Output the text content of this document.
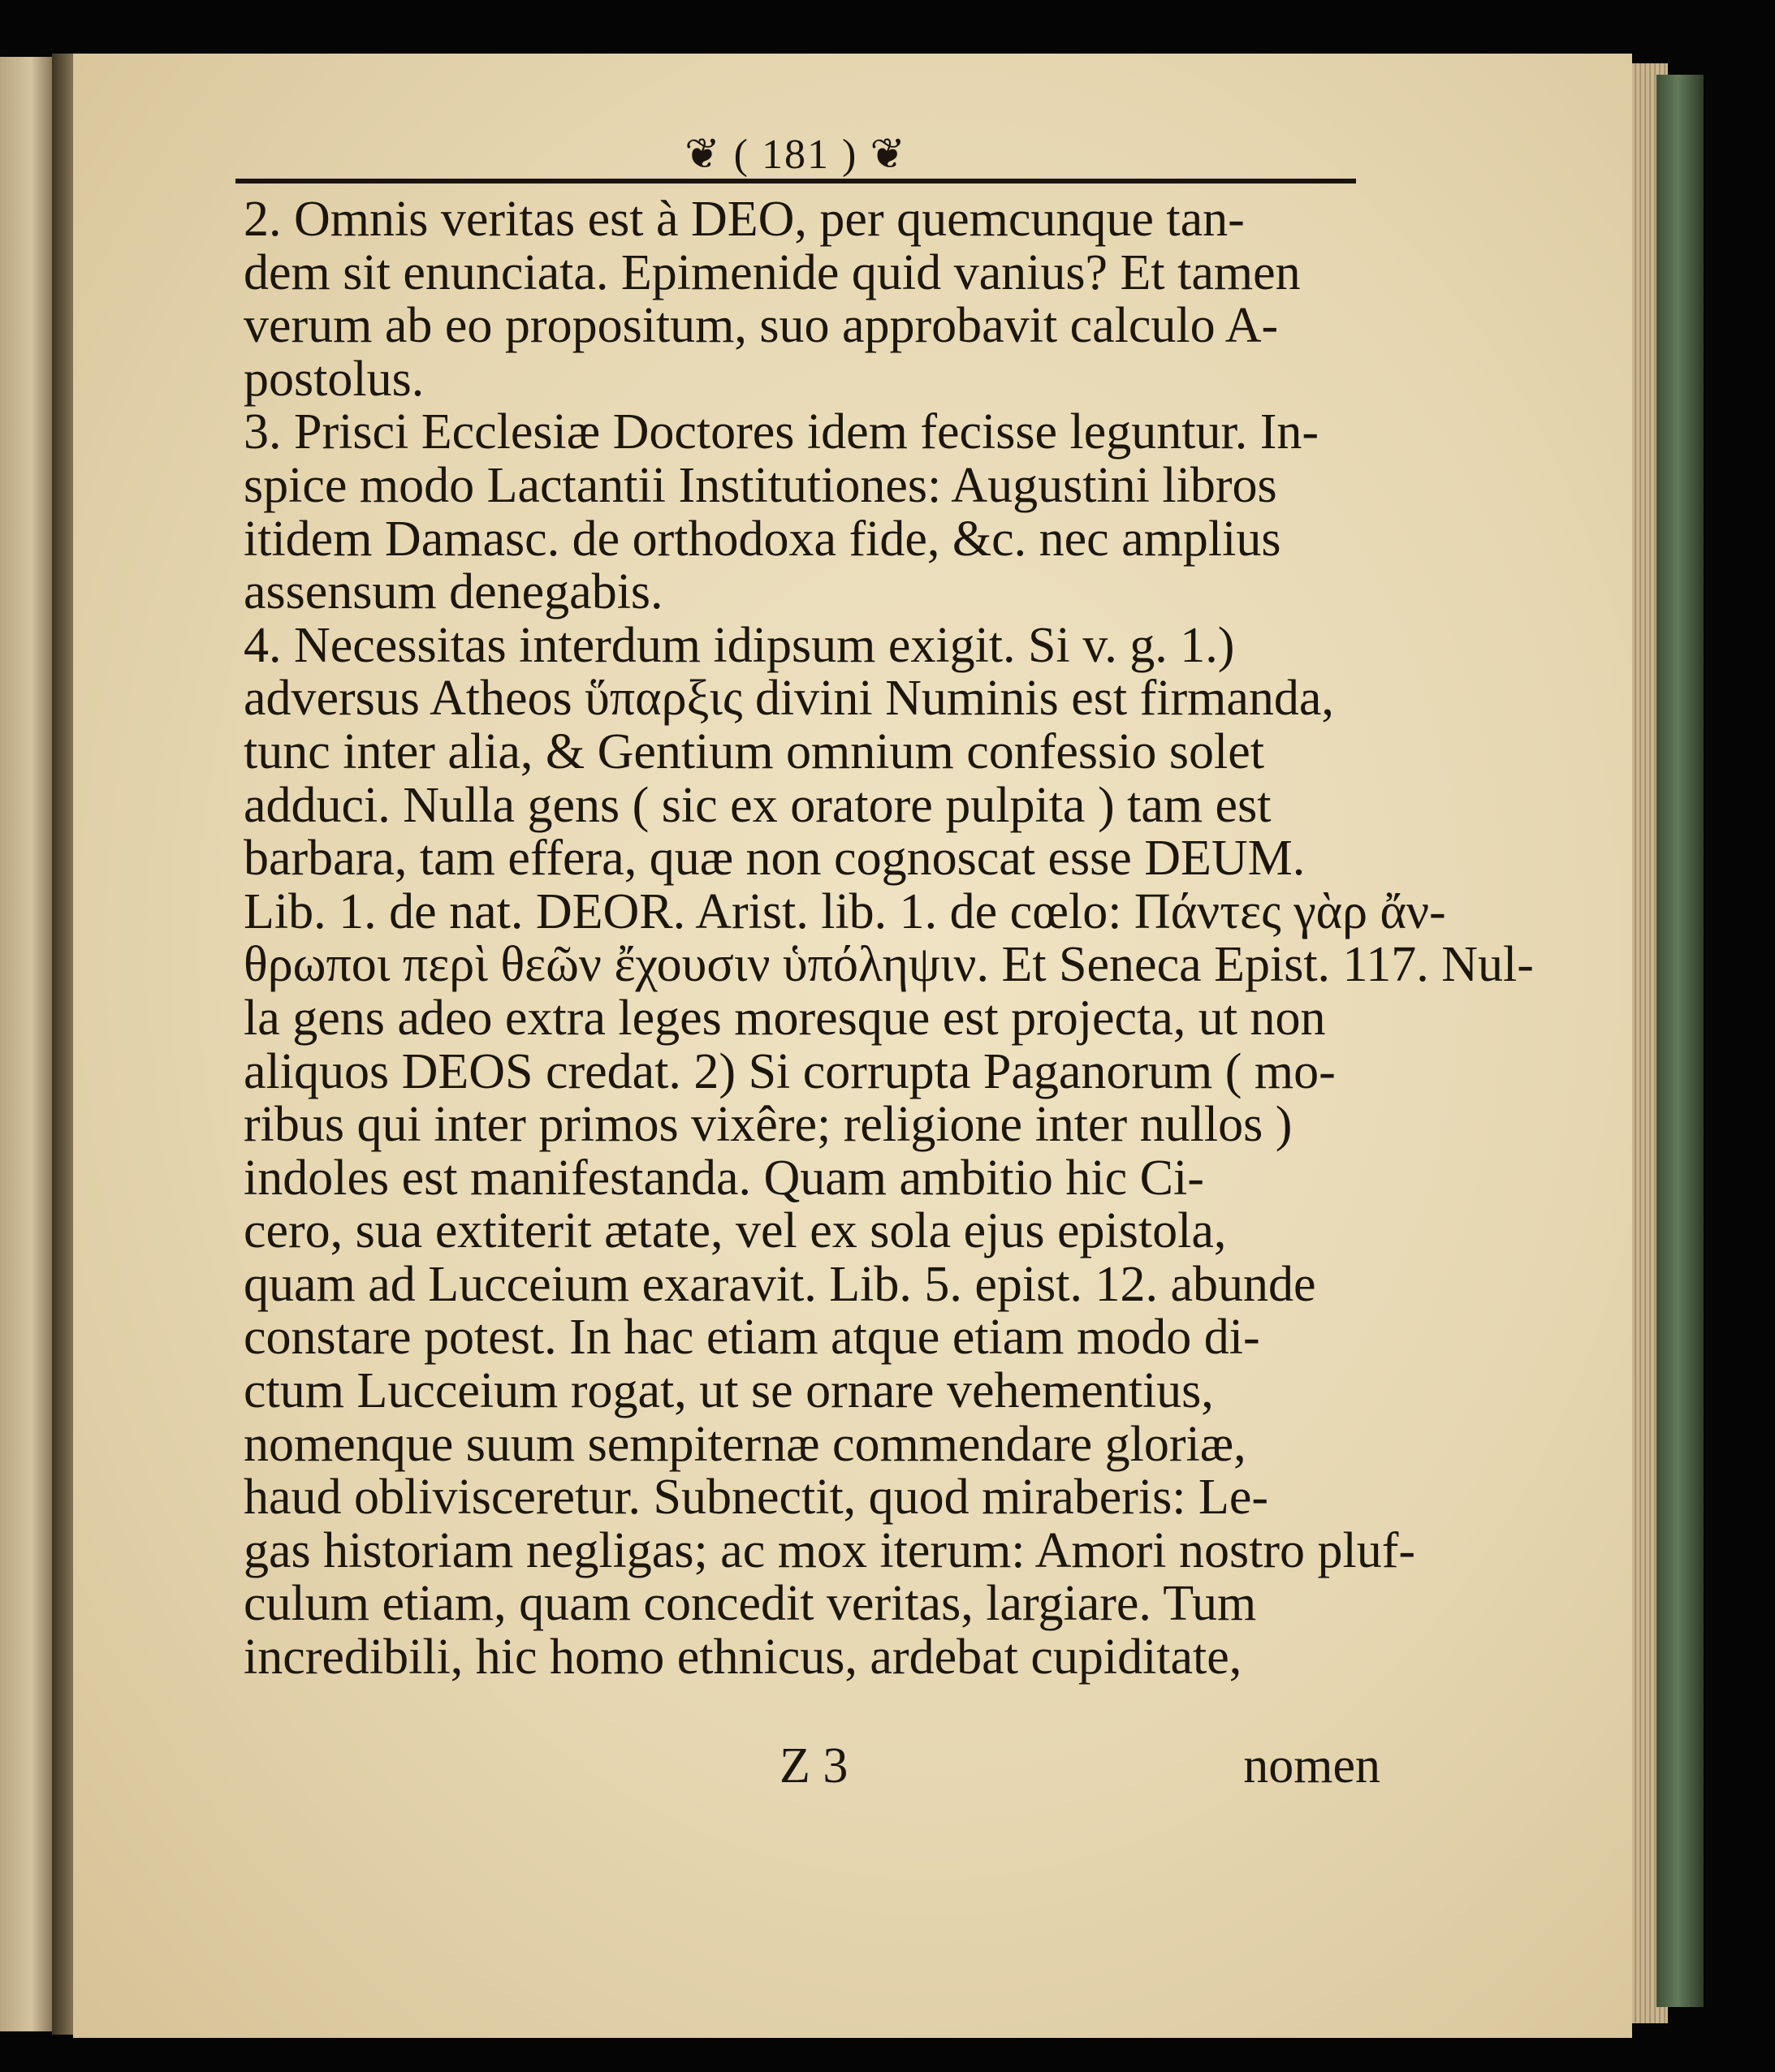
❦ ( 181 ) ❦
2. Omnis veritas est à DEO, per quemcunque tan-
dem sit enunciata. Epimenide quid vanius? Et tamen
verum ab eo propositum, suo approbavit calculo A-
postolus.
3. Prisci Ecclesiæ Doctores idem fecisse leguntur. In-
spice modo Lactantii Institutiones: Augustini libros
itidem Damasc. de orthodoxa fide, &c. nec amplius
assensum denegabis.
4. Necessitas interdum idipsum exigit. Si v. g. 1.)
adversus Atheos ὕπαρξις divini Numinis est firmanda,
tunc inter alia, & Gentium omnium confessio solet
adduci. Nulla gens ( sic ex oratore pulpita ) tam est
barbara, tam effera, quæ non cognoscat esse DEUM.
Lib. 1. de nat. DEOR. Arist. lib. 1. de cœlo: Πάντες γὰρ ἄν-
θρωποι περὶ θεῶν ἔχουσιν ὑπόληψιν. Et Seneca Epist. 117. Nul-
la gens adeo extra leges moresque est projecta, ut non
aliquos DEOS credat. 2) Si corrupta Paganorum ( mo-
ribus qui inter primos vixêre; religione inter nullos )
indoles est manifestanda. Quam ambitio hic Ci-
cero, sua extiterit ætate, vel ex sola ejus epistola,
quam ad Lucceium exaravit. Lib. 5. epist. 12. abunde
constare potest. In hac etiam atque etiam modo di-
ctum Lucceium rogat, ut se ornare vehementius,
nomenque suum sempiternæ commendare gloriæ,
haud oblivisceretur. Subnectit, quod miraberis: Le-
gas historiam negligas; ac mox iterum: Amori nostro pluf-
culum etiam, quam concedit veritas, largiare. Tum
incredibili, hic homo ethnicus, ardebat cupiditate,
Z 3	nomen
